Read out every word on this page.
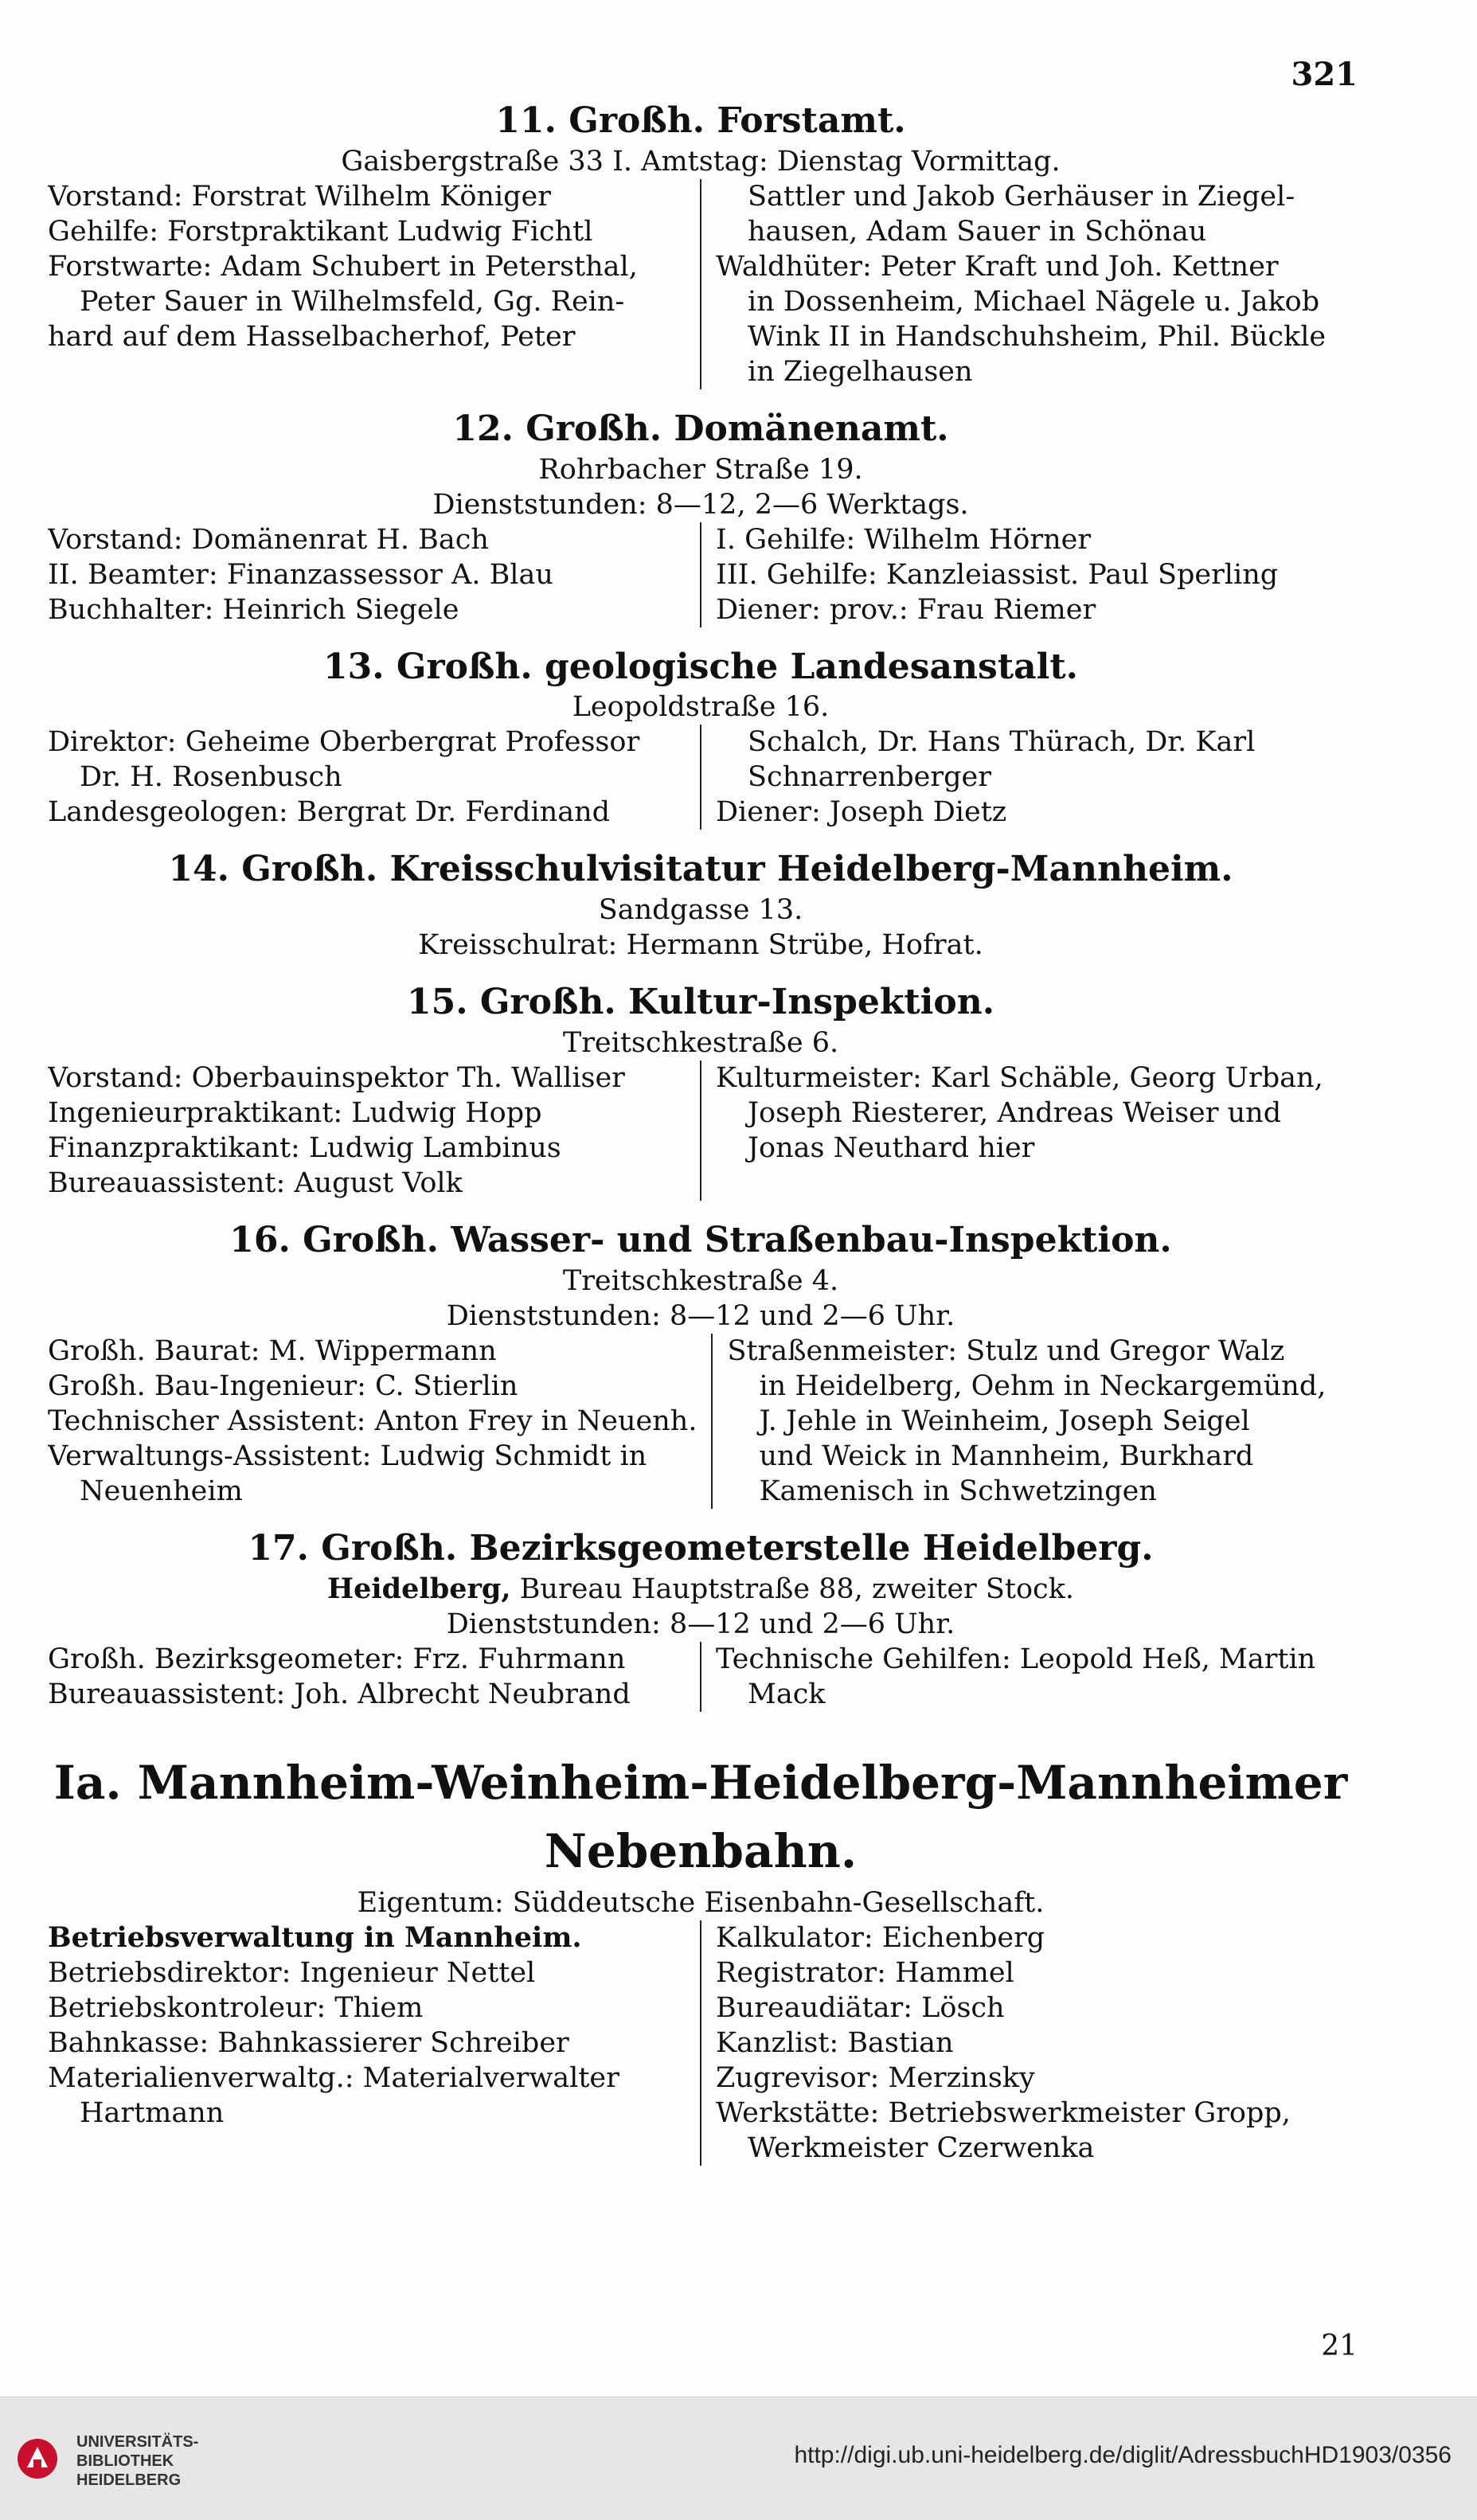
321
11. Großh. Forstamt.
Gaisbergstraße 33 I. Amtstag: Dienstag Vormittag.
Vorstand: Forstrat Wilhelm Königer
Gehilfe: Forstpraktikant Ludwig Fichtl
Forstwarte: Adam Schubert in Petersthal,
Peter Sauer in Wilhelmsfeld, Gg. Rein-
hard auf dem Hasselbacherhof, Peter
Sattler und Jakob Gerhäuser in Ziegel-
hausen, Adam Sauer in Schönau
Waldhüter: Peter Kraft und Joh. Kettner
in Dossenheim, Michael Nägele u. Jakob
Wink II in Handschuhsheim, Phil. Bückle
in Ziegelhausen
12. Großh. Domänenamt.
Rohrbacher Straße 19.
Dienststunden: 8—12, 2—6 Werktags.
Vorstand: Domänenrat H. Bach
II. Beamter: Finanzassessor A. Blau
Buchhalter: Heinrich Siegele
I. Gehilfe: Wilhelm Hörner
III. Gehilfe: Kanzleiassist. Paul Sperling
Diener: prov.: Frau Riemer
13. Großh. geologische Landesanstalt.
Leopoldstraße 16.
Direktor: Geheime Oberbergrat Professor
Dr. H. Rosenbusch
Landesgeologen: Bergrat Dr. Ferdinand
Schalch, Dr. Hans Thürach, Dr. Karl
Schnarrenberger
Diener: Joseph Dietz
14. Großh. Kreisschulvisitatur Heidelberg-Mannheim.
Sandgasse 13.
Kreisschulrat: Hermann Strübe, Hofrat.
15. Großh. Kultur-Inspektion.
Treitschkestraße 6.
Vorstand: Oberbauinspektor Th. Walliser
Ingenieurpraktikant: Ludwig Hopp
Finanzpraktikant: Ludwig Lambinus
Bureauassistent: August Volk
Kulturmeister: Karl Schäble, Georg Urban,
Joseph Riesterer, Andreas Weiser und
Jonas Neuthard hier
16. Großh. Wasser- und Straßenbau-Inspektion.
Treitschkestraße 4.
Dienststunden: 8—12 und 2—6 Uhr.
Großh. Baurat: M. Wippermann
Großh. Bau-Ingenieur: C. Stierlin
Technischer Assistent: Anton Frey in Neuenh.
Verwaltungs-Assistent: Ludwig Schmidt in
Neuenheim
Straßenmeister: Stulz und Gregor Walz
in Heidelberg, Oehm in Neckargemünd,
J. Jehle in Weinheim, Joseph Seigel
und Weick in Mannheim, Burkhard
Kamenisch in Schwetzingen
17. Großh. Bezirksgeometerstelle Heidelberg.
Heidelberg, Bureau Hauptstraße 88, zweiter Stock.
Dienststunden: 8—12 und 2—6 Uhr.
Großh. Bezirksgeometer: Frz. Fuhrmann
Bureauassistent: Joh. Albrecht Neubrand
Technische Gehilfen: Leopold Heß, Martin
Mack
Ia. Mannheim-Weinheim-Heidelberg-Mannheimer
Nebenbahn.
Eigentum: Süddeutsche Eisenbahn-Gesellschaft.
Betriebsverwaltung in Mannheim.
Betriebsdirektor: Ingenieur Nettel
Betriebskontroleur: Thiem
Bahnkasse: Bahnkassierer Schreiber
Materialienverwaltg.: Materialverwalter
Hartmann
Kalkulator: Eichenberg
Registrator: Hammel
Bureaudiätar: Lösch
Kanzlist: Bastian
Zugrevisor: Merzinsky
Werkstätte: Betriebswerkmeister Gropp,
Werkmeister Czerwenka
21
UNIVERSITÄTS-
BIBLIOTHEK
HEIDELBERG
http://digi.ub.uni-heidelberg.de/diglit/AdressbuchHD1903/0356
